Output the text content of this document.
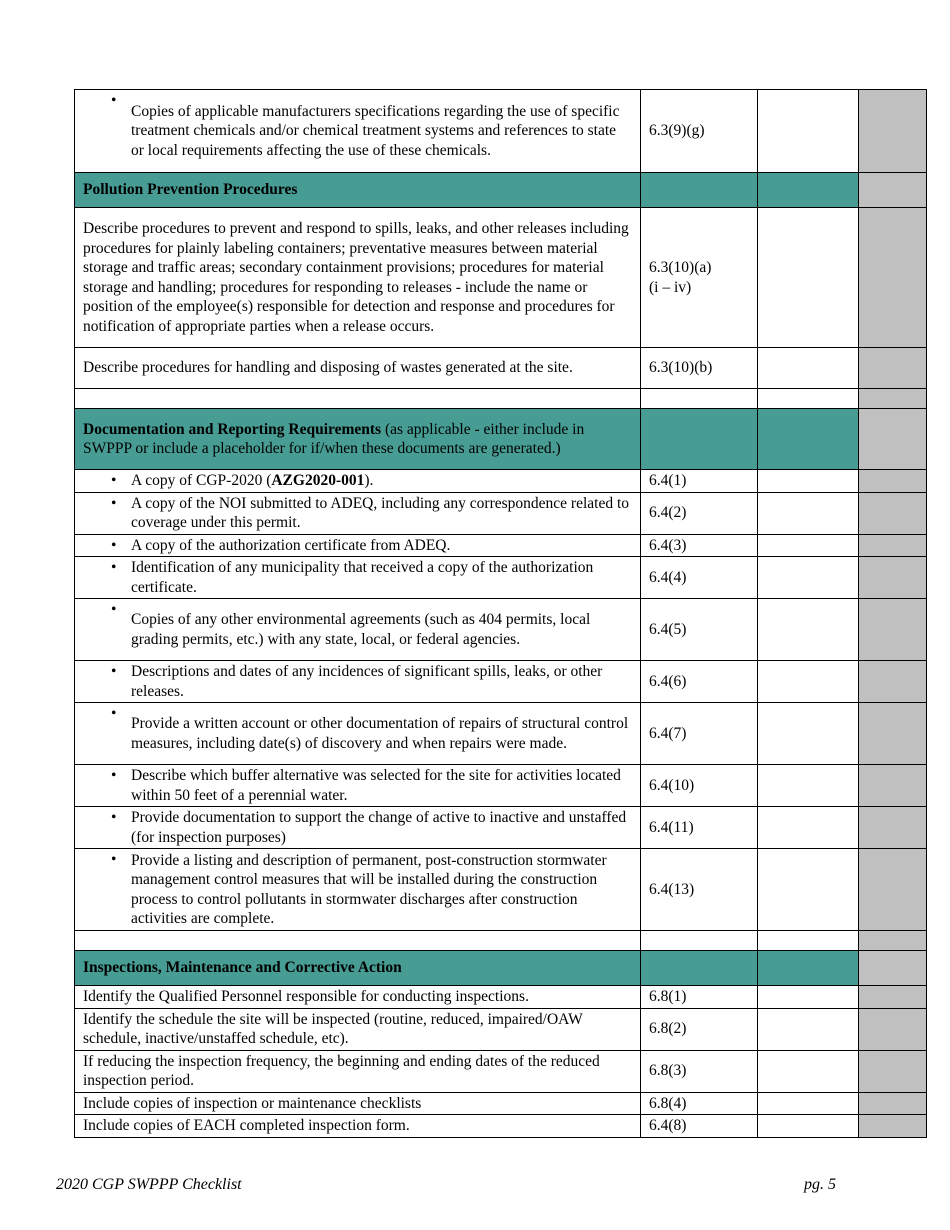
• Copies of applicable manufacturers specifications regarding the use of specific treatment chemicals and/or chemical treatment systems and references to state or local requirements affecting the use of these chemicals.	6.3(9)(g)		
Pollution Prevention Procedures			
Describe procedures to prevent and respond to spills, leaks, and other releases including procedures for plainly labeling containers; preventative measures between material storage and traffic areas; secondary containment provisions; procedures for material storage and handling; procedures for responding to releases - include the name or position of the employee(s) responsible for detection and response and procedures for notification of appropriate parties when a release occurs.	6.3(10)(a)
(i – iv)		
Describe procedures for handling and disposing of wastes generated at the site.	6.3(10)(b)		

Documentation and Reporting Requirements (as applicable - either include in SWPPP or include a placeholder for if/when these documents are generated.)			
• A copy of CGP-2020 (AZG2020-001).	6.4(1)		
• A copy of the NOI submitted to ADEQ, including any correspondence related to coverage under this permit.	6.4(2)		
• A copy of the authorization certificate from ADEQ.	6.4(3)		
• Identification of any municipality that received a copy of the authorization certificate.	6.4(4)		
• Copies of any other environmental agreements (such as 404 permits, local grading permits, etc.) with any state, local, or federal agencies.	6.4(5)		
• Descriptions and dates of any incidences of significant spills, leaks, or other releases.	6.4(6)		
• Provide a written account or other documentation of repairs of structural control measures, including date(s) of discovery and when repairs were made.	6.4(7)		
• Describe which buffer alternative was selected for the site for activities located within 50 feet of a perennial water.	6.4(10)		
• Provide documentation to support the change of active to inactive and unstaffed (for inspection purposes)	6.4(11)		
• Provide a listing and description of permanent, post-construction stormwater management control measures that will be installed during the construction process to control pollutants in stormwater discharges after construction activities are complete.	6.4(13)		

Inspections, Maintenance and Corrective Action			
Identify the Qualified Personnel responsible for conducting inspections.	6.8(1)		
Identify the schedule the site will be inspected (routine, reduced, impaired/OAW schedule, inactive/unstaffed schedule, etc).	6.8(2)		
If reducing the inspection frequency, the beginning and ending dates of the reduced inspection period.	6.8(3)		
Include copies of inspection or maintenance checklists	6.8(4)		
Include copies of EACH completed inspection form.	6.4(8)		
2020 CGP SWPPP Checklist	pg. 5
